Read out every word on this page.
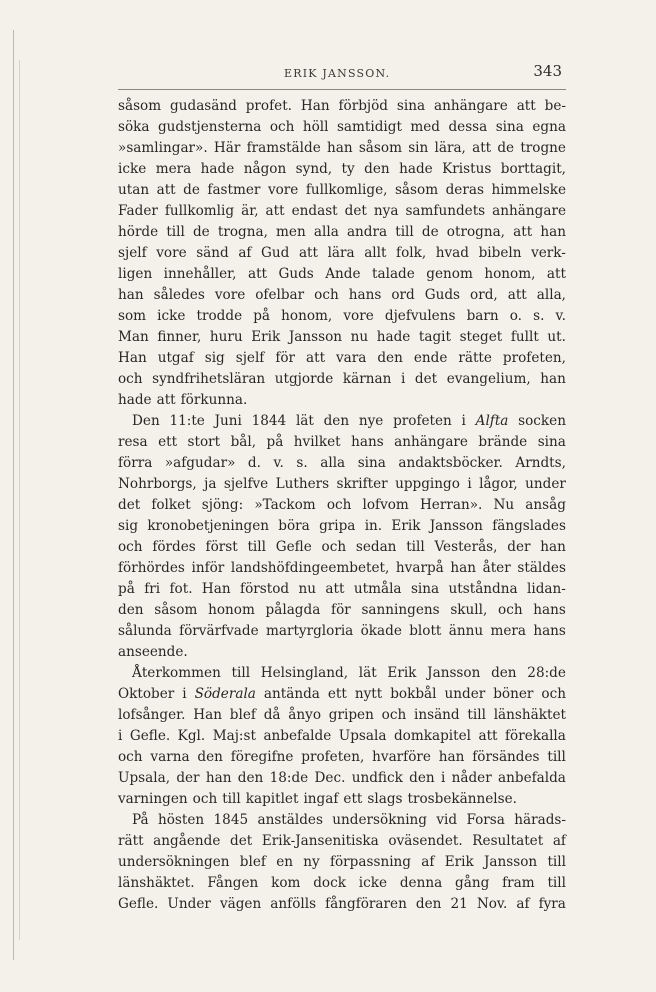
ERIK JANSSON.	343
såsom gudasänd profet. Han förbjöd sina anhängare att be-
söka gudstjensterna och höll samtidigt med dessa sina egna
»samlingar». Här framstälde han såsom sin lära, att de trogne
icke mera hade någon synd, ty den hade Kristus borttagit,
utan att de fastmer vore fullkomlige, såsom deras himmelske
Fader fullkomlig är, att endast det nya samfundets anhängare
hörde till de trogna, men alla andra till de otrogna, att han
sjelf vore sänd af Gud att lära allt folk, hvad bibeln verk-
ligen innehåller, att Guds Ande talade genom honom, att
han således vore ofelbar och hans ord Guds ord, att alla,
som icke trodde på honom, vore djefvulens barn o. s. v.
Man finner, huru Erik Jansson nu hade tagit steget fullt ut.
Han utgaf sig sjelf för att vara den ende rätte profeten,
och syndfrihetsläran utgjorde kärnan i det evangelium, han
hade att förkunna.
Den 11:te Juni 1844 lät den nye profeten i Alfta socken
resa ett stort bål, på hvilket hans anhängare brände sina
förra »afgudar» d. v. s. alla sina andaktsböcker. Arndts,
Nohrborgs, ja sjelfve Luthers skrifter uppgingo i lågor, under
det folket sjöng: »Tackom och lofvom Herran». Nu ansåg
sig kronobetjeningen böra gripa in. Erik Jansson fängslades
och fördes först till Gefle och sedan till Vesterås, der han
förhördes inför landshöfdingeembetet, hvarpå han åter stäldes
på fri fot. Han förstod nu att utmåla sina utståndna lidan-
den såsom honom pålagda för sanningens skull, och hans
sålunda förvärfvade martyrgloria ökade blott ännu mera hans
anseende.
Återkommen till Helsingland, lät Erik Jansson den 28:de
Oktober i Söderala antända ett nytt bokbål under böner och
lofsånger. Han blef då ånyo gripen och insänd till länshäktet
i Gefle. Kgl. Maj:st anbefalde Upsala domkapitel att förekalla
och varna den föregifne profeten, hvarföre han försändes till
Upsala, der han den 18:de Dec. undfick den i nåder anbefalda
varningen och till kapitlet ingaf ett slags trosbekännelse.
På hösten 1845 anstäldes undersökning vid Forsa härads-
rätt angående det Erik-Jansenitiska oväsendet. Resultatet af
undersökningen blef en ny förpassning af Erik Jansson till
länshäktet. Fången kom dock icke denna gång fram till
Gefle. Under vägen anfölls fångföraren den 21 Nov. af fyra
